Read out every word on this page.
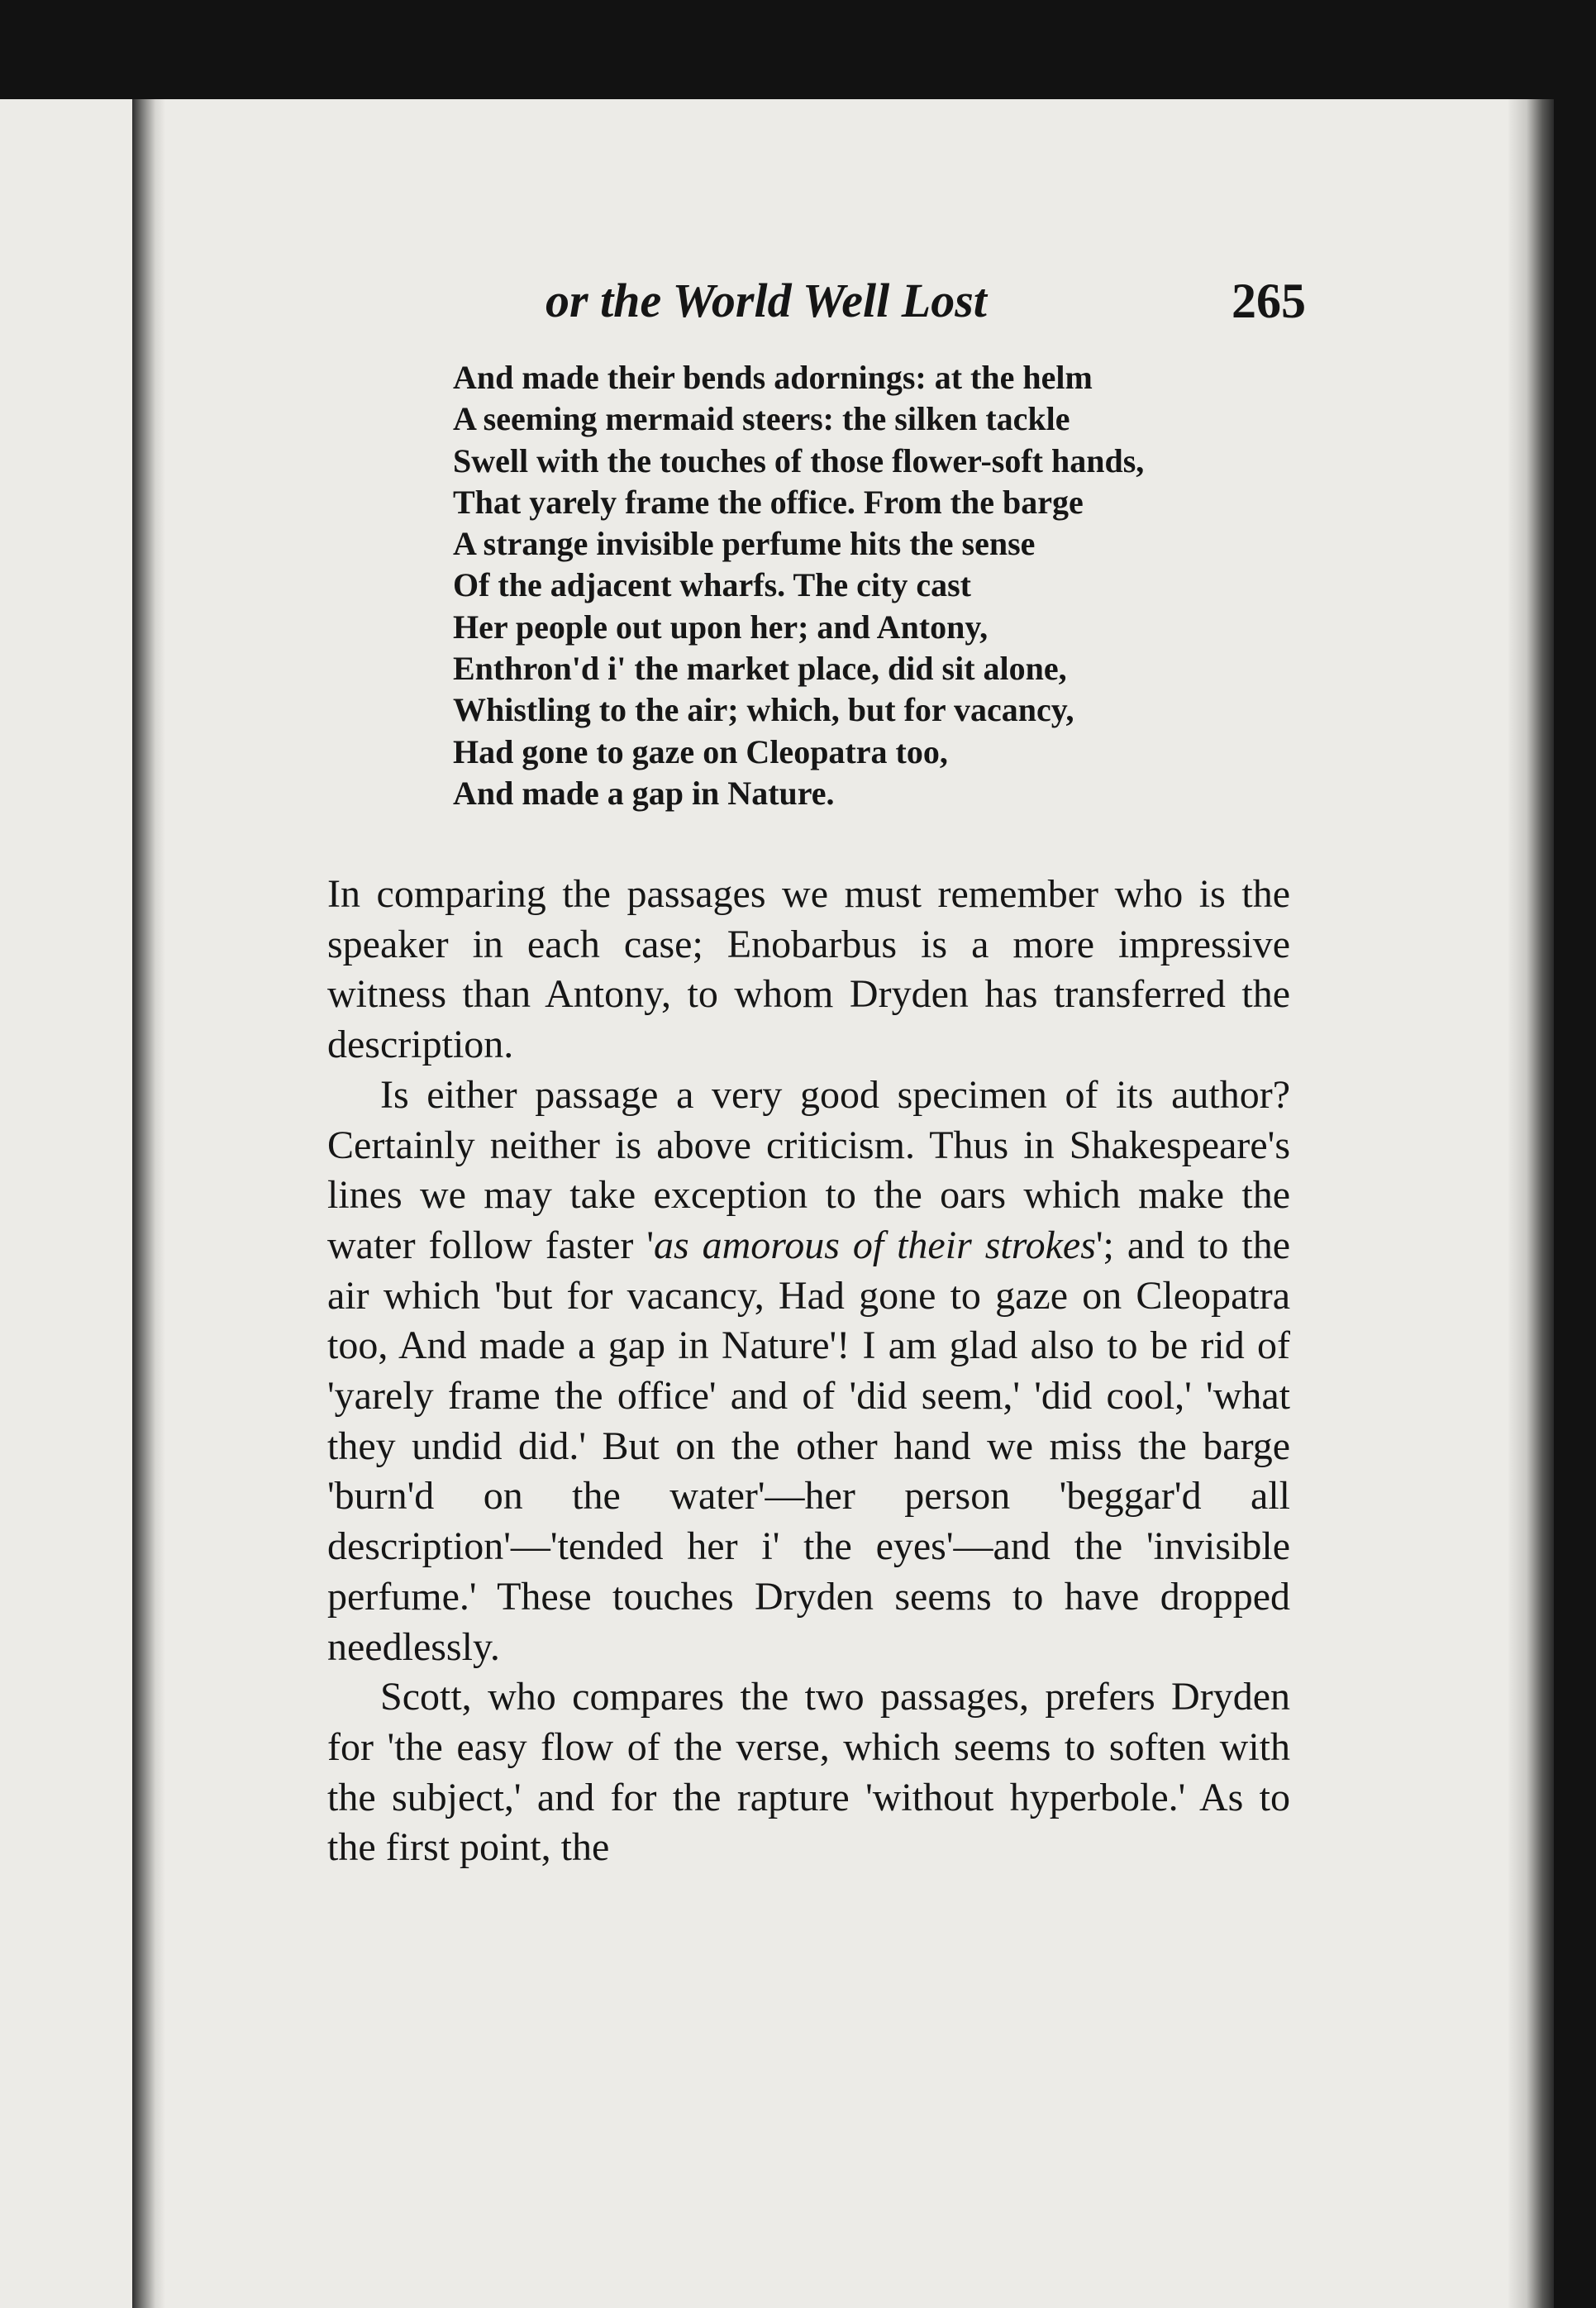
or the World Well Lost	265
And made their bends adornings: at the helm
A seeming mermaid steers: the silken tackle
Swell with the touches of those flower-soft hands,
That yarely frame the office. From the barge
A strange invisible perfume hits the sense
Of the adjacent wharfs. The city cast
Her people out upon her; and Antony,
Enthron'd i' the market place, did sit alone,
Whistling to the air; which, but for vacancy,
Had gone to gaze on Cleopatra too,
And made a gap in Nature.

In comparing the passages we must remember who is the speaker in each case; Enobarbus is a more impressive witness than Antony, to whom Dryden has transferred the description.

Is either passage a very good specimen of its author? Certainly neither is above criticism. Thus in Shakespeare's lines we may take exception to the oars which make the water follow faster 'as amorous of their strokes'; and to the air which 'but for vacancy, Had gone to gaze on Cleopatra too, And made a gap in Nature'! I am glad also to be rid of 'yarely frame the office' and of 'did seem,' 'did cool,' 'what they undid did.' But on the other hand we miss the barge 'burn'd on the water'—her person 'beggar'd all description'—'tended her i' the eyes'—and the 'invisible perfume.' These touches Dryden seems to have dropped needlessly.

Scott, who compares the two passages, prefers Dryden for 'the easy flow of the verse, which seems to soften with the subject,' and for the rapture 'without hyperbole.' As to the first point, the
